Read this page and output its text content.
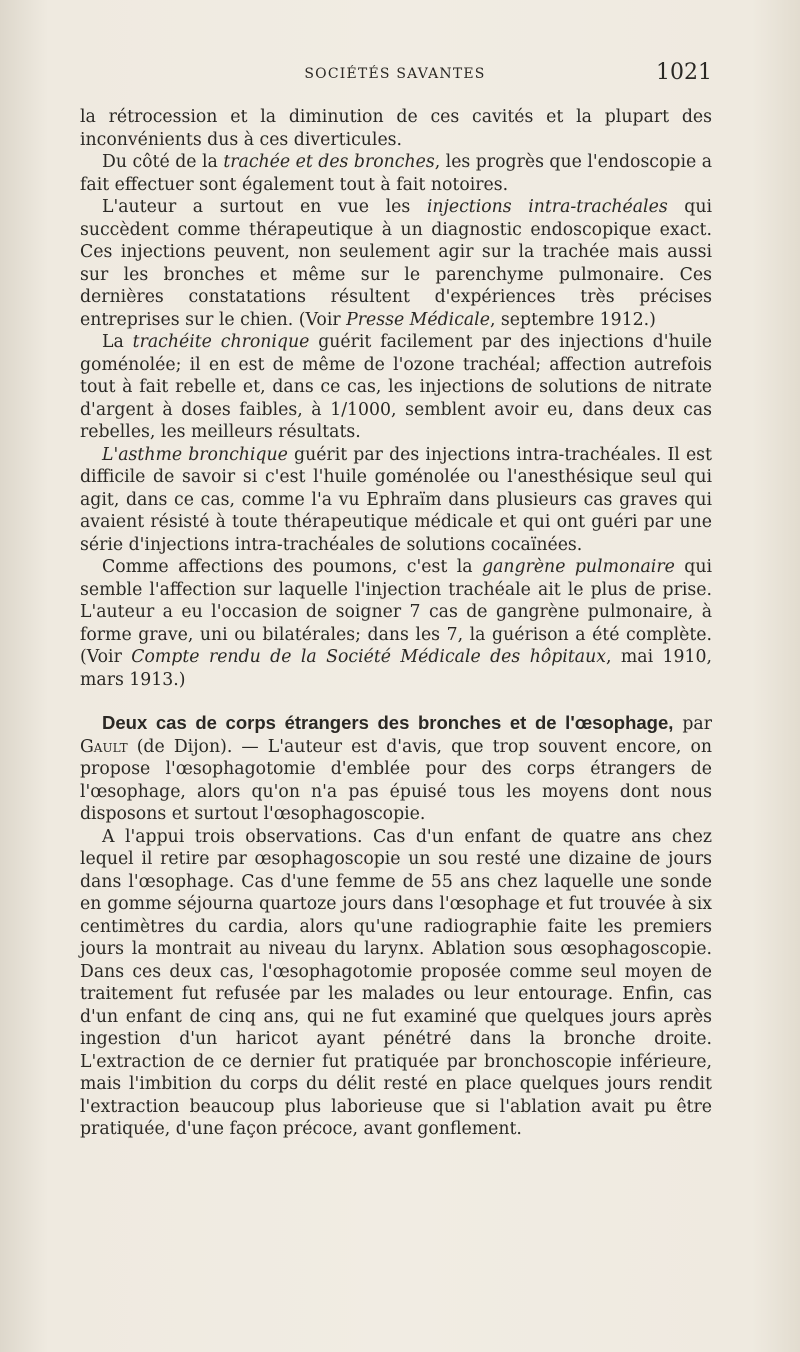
SOCIÉTÉS SAVANTES	1021

la rétrocession et la diminution de ces cavités et la plupart des inconvénients dus à ces diverticules.

Du côté de la trachée et des bronches, les progrès que l'endoscopie a fait effectuer sont également tout à fait notoires.

L'auteur a surtout en vue les injections intra-trachéales qui succèdent comme thérapeutique à un diagnostic endoscopique exact. Ces injections peuvent, non seulement agir sur la trachée mais aussi sur les bronches et même sur le parenchyme pulmonaire. Ces dernières constatations résultent d'expériences très précises entreprises sur le chien. (Voir Presse Médicale, septembre 1912.)

La trachéite chronique guérit facilement par des injections d'huile goménolée; il en est de même de l'ozone trachéal; affection autrefois tout à fait rebelle et, dans ce cas, les injections de solutions de nitrate d'argent à doses faibles, à 1/1000, semblent avoir eu, dans deux cas rebelles, les meilleurs résultats.

L'asthme bronchique guérit par des injections intra-trachéales. Il est difficile de savoir si c'est l'huile goménolée ou l'anesthésique seul qui agit, dans ce cas, comme l'a vu Ephraïm dans plusieurs cas graves qui avaient résisté à toute thérapeutique médicale et qui ont guéri par une série d'injections intra-trachéales de solutions cocaïnées.

Comme affections des poumons, c'est la gangrène pulmonaire qui semble l'affection sur laquelle l'injection trachéale ait le plus de prise. L'auteur a eu l'occasion de soigner 7 cas de gangrène pulmonaire, à forme grave, uni ou bilatérales; dans les 7, la guérison a été complète. (Voir Compte rendu de la Société Médicale des hôpitaux, mai 1910, mars 1913.)

Deux cas de corps étrangers des bronches et de l'œsophage, par Gault (de Dijon). — L'auteur est d'avis, que trop souvent encore, on propose l'œsophagotomie d'emblée pour des corps étrangers de l'œsophage, alors qu'on n'a pas épuisé tous les moyens dont nous disposons et surtout l'œsophagoscopie.

A l'appui trois observations. Cas d'un enfant de quatre ans chez lequel il retire par œsophagoscopie un sou resté une dizaine de jours dans l'œsophage. Cas d'une femme de 55 ans chez laquelle une sonde en gomme séjourna quartoze jours dans l'œsophage et fut trouvée à six centimètres du cardia, alors qu'une radiographie faite les premiers jours la montrait au niveau du larynx. Ablation sous œsophagoscopie. Dans ces deux cas, l'œsophagotomie proposée comme seul moyen de traitement fut refusée par les malades ou leur entourage. Enfin, cas d'un enfant de cinq ans, qui ne fut examiné que quelques jours après ingestion d'un haricot ayant pénétré dans la bronche droite. L'extraction de ce dernier fut pratiquée par bronchoscopie inférieure, mais l'imbition du corps du délit resté en place quelques jours rendit l'extraction beaucoup plus laborieuse que si l'ablation avait pu être pratiquée, d'une façon précoce, avant gonflement.
